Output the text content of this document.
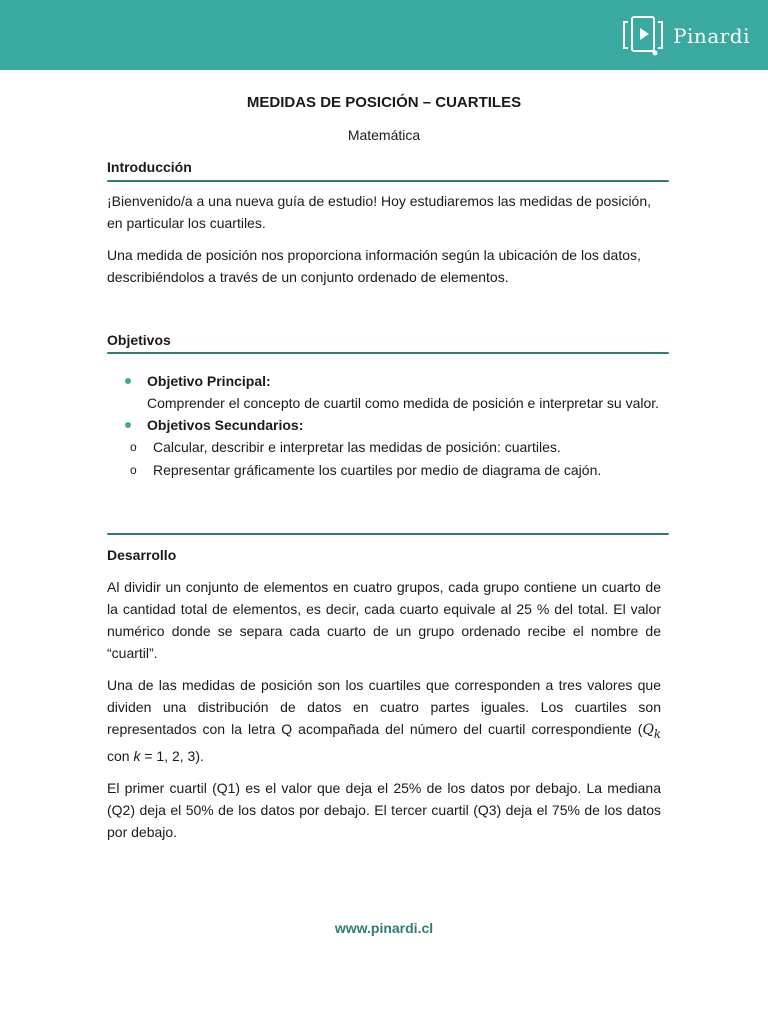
Pinardi
MEDIDAS DE POSICIÓN – CUARTILES
Matemática
Introducción

¡Bienvenido/a a una nueva guía de estudio! Hoy estudiaremos las medidas de posición, en particular los cuartiles.

Una medida de posición nos proporciona información según la ubicación de los datos, describiéndolos a través de un conjunto ordenado de elementos.

Objetivos
Objetivo Principal:
Comprender el concepto de cuartil como medida de posición e interpretar su valor.
Objetivos Secundarios:
o Calcular, describir e interpretar las medidas de posición: cuartiles.
o Representar gráficamente los cuartiles por medio de diagrama de cajón.
Desarrollo

Al dividir un conjunto de elementos en cuatro grupos, cada grupo contiene un cuarto de la cantidad total de elementos, es decir, cada cuarto equivale al 25 % del total. El valor numérico donde se separa cada cuarto de un grupo ordenado recibe el nombre de “cuartil”.

Una de las medidas de posición son los cuartiles que corresponden a tres valores que dividen una distribución de datos en cuatro partes iguales. Los cuartiles son representados con la letra Q acompañada del número del cuartil correspondiente ($Q_k$ con k = 1, 2, 3).

El primer cuartil (Q1) es el valor que deja el 25% de los datos por debajo. La mediana (Q2) deja el 50% de los datos por debajo. El tercer cuartil (Q3) deja el 75% de los datos por debajo.

www.pinardi.cl
